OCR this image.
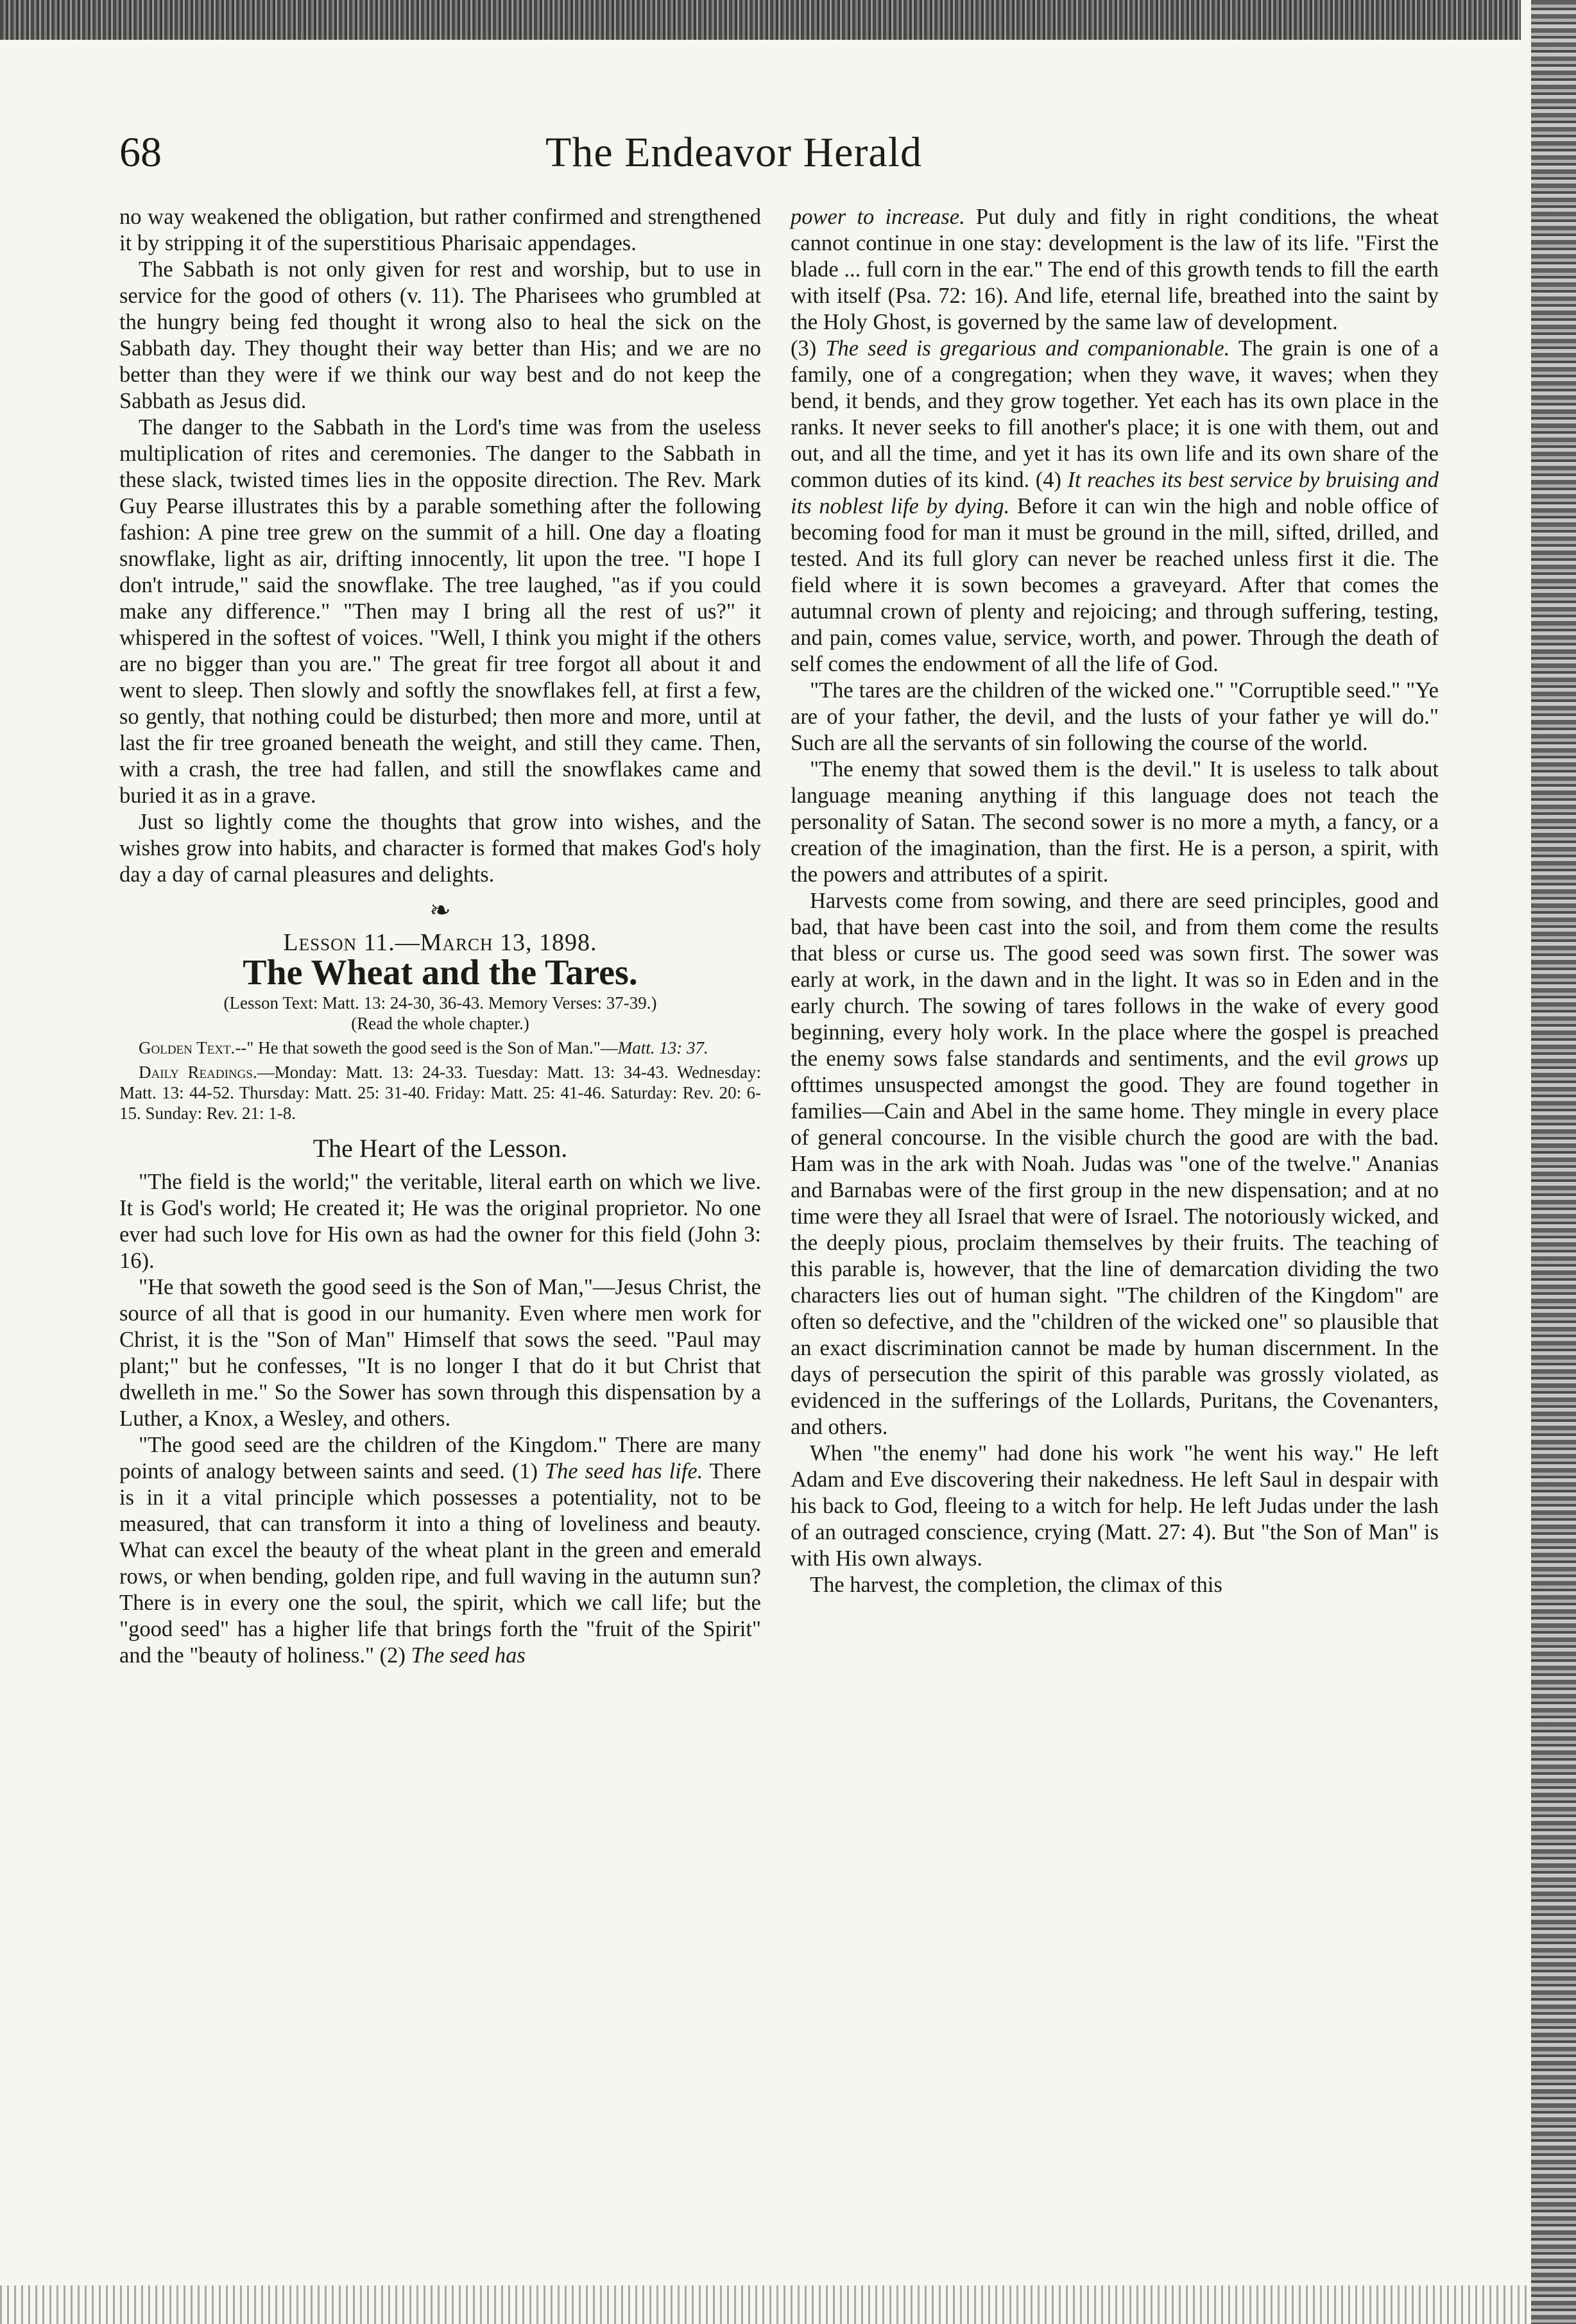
68	The Endeavor Herald

no way weakened the obligation, but rather confirmed and strengthened it by stripping it of the superstitious Pharisaic appendages.

The Sabbath is not only given for rest and worship, but to use in service for the good of others (v. 11). The Pharisees who grumbled at the hungry being fed thought it wrong also to heal the sick on the Sabbath day. They thought their way better than His; and we are no better than they were if we think our way best and do not keep the Sabbath as Jesus did.

The danger to the Sabbath in the Lord's time was from the useless multiplication of rites and ceremonies. The danger to the Sabbath in these slack, twisted times lies in the opposite direction. The Rev. Mark Guy Pearse illustrates this by a parable something after the following fashion: A pine tree grew on the summit of a hill. One day a floating snowflake, light as air, drifting innocently, lit upon the tree. "I hope I don't intrude," said the snowflake. The tree laughed, "as if you could make any difference." "Then may I bring all the rest of us?" it whispered in the softest of voices. "Well, I think you might if the others are no bigger than you are." The great fir tree forgot all about it and went to sleep. Then slowly and softly the snowflakes fell, at first a few, so gently, that nothing could be disturbed; then more and more, until at last the fir tree groaned beneath the weight, and still they came. Then, with a crash, the tree had fallen, and still the snowflakes came and buried it as in a grave.

Just so lightly come the thoughts that grow into wishes, and the wishes grow into habits, and character is formed that makes God's holy day a day of carnal pleasures and delights.

❧
Lesson 11.—March 13, 1898.
The Wheat and the Tares.
(Lesson Text: Matt. 13: 24-30, 36-43. Memory Verses: 37-39.)
(Read the whole chapter.)
Golden Text.--" He that soweth the good seed is the Son of Man."—Matt. 13: 37.
Daily Readings.—Monday: Matt. 13: 24-33. Tuesday: Matt. 13: 34-43. Wednesday: Matt. 13: 44-52. Thursday: Matt. 25: 31-40. Friday: Matt. 25: 41-46. Saturday: Rev. 20: 6-15. Sunday: Rev. 21: 1-8.
The Heart of the Lesson.

"The field is the world;" the veritable, literal earth on which we live. It is God's world; He created it; He was the original proprietor. No one ever had such love for His own as had the owner for this field (John 3: 16).

"He that soweth the good seed is the Son of Man,"—Jesus Christ, the source of all that is good in our humanity. Even where men work for Christ, it is the "Son of Man" Himself that sows the seed. "Paul may plant;" but he confesses, "It is no longer I that do it but Christ that dwelleth in me." So the Sower has sown through this dispensation by a Luther, a Knox, a Wesley, and others.

"The good seed are the children of the Kingdom." There are many points of analogy between saints and seed. (1) The seed has life. There is in it a vital principle which possesses a potentiality, not to be measured, that can transform it into a thing of loveliness and beauty. What can excel the beauty of the wheat plant in the green and emerald rows, or when bending, golden ripe, and full waving in the autumn sun? There is in every one the soul, the spirit, which we call life; but the "good seed" has a higher life that brings forth the "fruit of the Spirit" and the "beauty of holiness." (2) The seed has

power to increase. Put duly and fitly in right conditions, the wheat cannot continue in one stay: development is the law of its life. "First the blade ... full corn in the ear." The end of this growth tends to fill the earth with itself (Psa. 72: 16). And life, eternal life, breathed into the saint by the Holy Ghost, is governed by the same law of development.

(3) The seed is gregarious and companionable. The grain is one of a family, one of a congregation; when they wave, it waves; when they bend, it bends, and they grow together. Yet each has its own place in the ranks. It never seeks to fill another's place; it is one with them, out and out, and all the time, and yet it has its own life and its own share of the common duties of its kind. (4) It reaches its best service by bruising and its noblest life by dying. Before it can win the high and noble office of becoming food for man it must be ground in the mill, sifted, drilled, and tested. And its full glory can never be reached unless first it die. The field where it is sown becomes a graveyard. After that comes the autumnal crown of plenty and rejoicing; and through suffering, testing, and pain, comes value, service, worth, and power. Through the death of self comes the endowment of all the life of God.

"The tares are the children of the wicked one." "Corruptible seed." "Ye are of your father, the devil, and the lusts of your father ye will do." Such are all the servants of sin following the course of the world.

"The enemy that sowed them is the devil." It is useless to talk about language meaning anything if this language does not teach the personality of Satan. The second sower is no more a myth, a fancy, or a creation of the imagination, than the first. He is a person, a spirit, with the powers and attributes of a spirit.

Harvests come from sowing, and there are seed principles, good and bad, that have been cast into the soil, and from them come the results that bless or curse us. The good seed was sown first. The sower was early at work, in the dawn and in the light. It was so in Eden and in the early church. The sowing of tares follows in the wake of every good beginning, every holy work. In the place where the gospel is preached the enemy sows false standards and sentiments, and the evil grows up ofttimes unsuspected amongst the good. They are found together in families—Cain and Abel in the same home. They mingle in every place of general concourse. In the visible church the good are with the bad. Ham was in the ark with Noah. Judas was "one of the twelve." Ananias and Barnabas were of the first group in the new dispensation; and at no time were they all Israel that were of Israel. The notoriously wicked, and the deeply pious, proclaim themselves by their fruits. The teaching of this parable is, however, that the line of demarcation dividing the two characters lies out of human sight. "The children of the Kingdom" are often so defective, and the "children of the wicked one" so plausible that an exact discrimination cannot be made by human discernment. In the days of persecution the spirit of this parable was grossly violated, as evidenced in the sufferings of the Lollards, Puritans, the Covenanters, and others.

When "the enemy" had done his work "he went his way." He left Adam and Eve discovering their nakedness. He left Saul in despair with his back to God, fleeing to a witch for help. He left Judas under the lash of an outraged conscience, crying (Matt. 27: 4). But "the Son of Man" is with His own always.

The harvest, the completion, the climax of this
